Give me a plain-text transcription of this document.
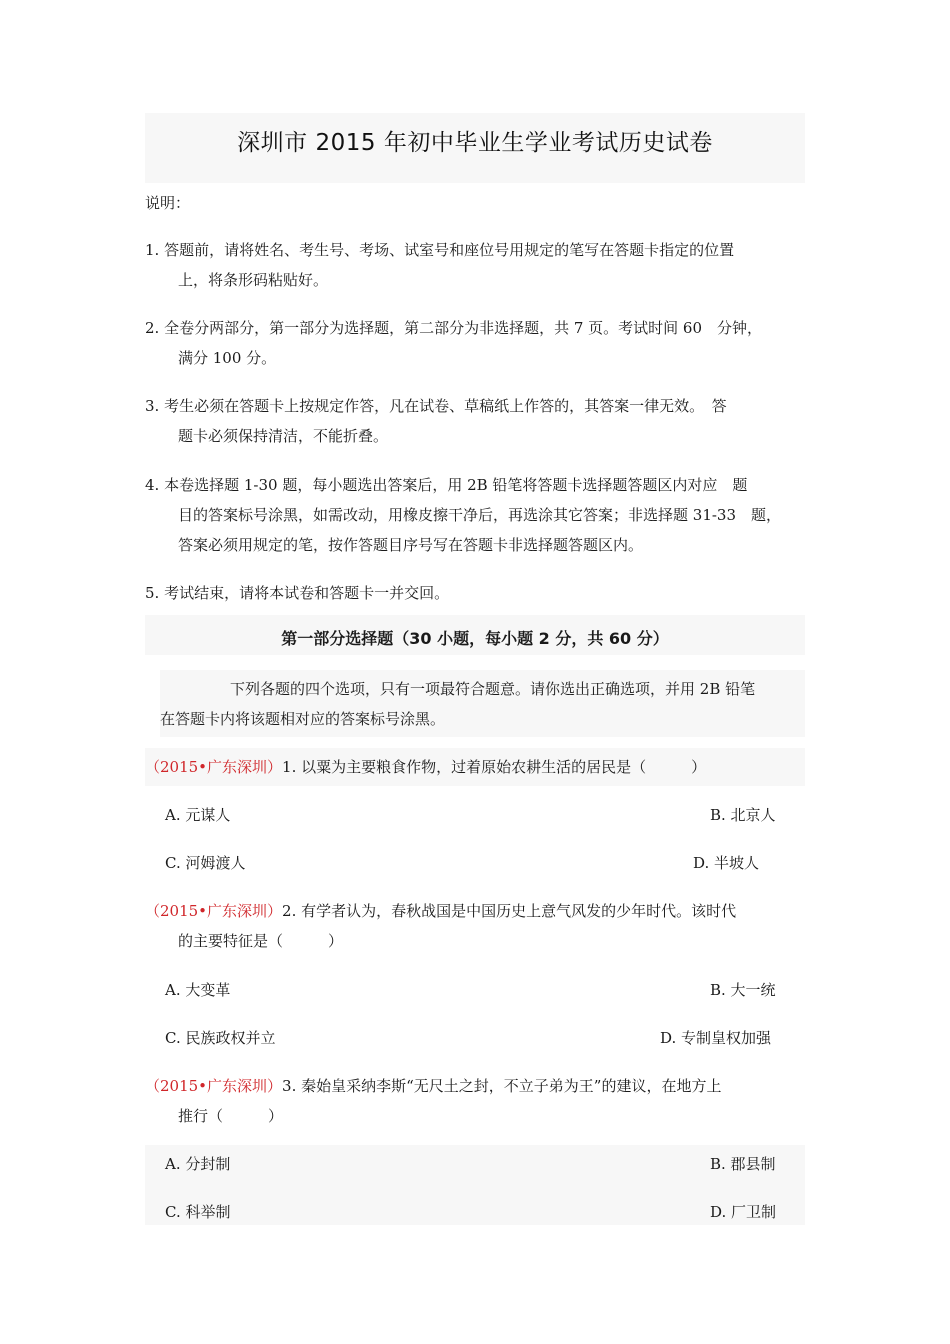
深圳市 2015 年初中毕业生学业考试历史试卷
说明：
1. 答题前，请将姓名、考生号、考场、试室号和座位号用规定的笔写在答题卡指定的位置
上，将条形码粘贴好。
2. 全卷分两部分，第一部分为选择题，第二部分为非选择题，共 7 页。考试时间 60　分钟，
满分 100 分。
3. 考生必须在答题卡上按规定作答，凡在试卷、草稿纸上作答的，其答案一律无效。　答
题卡必须保持清洁，不能折叠。
4. 本卷选择题 1-30 题，每小题选出答案后，用 2B 铅笔将答题卡选择题答题区内对应　题
目的答案标号涂黑，如需改动，用橡皮擦干净后，再选涂其它答案；非选择题 31-33　题，
答案必须用规定的笔，按作答题目序号写在答题卡非选择题答题区内。
5. 考试结束，请将本试卷和答题卡一并交回。
第一部分选择题（30 小题，每小题 2 分，共 60 分）
下列各题的四个选项，只有一项最符合题意。请你选出正确选项，并用 2B 铅笔
在答题卡内将该题相对应的答案标号涂黑。
（2015•广东深圳）1. 以粟为主要粮食作物，过着原始农耕生活的居民是（　　　）
A. 元谋人	B. 北京人
C. 河姆渡人	D. 半坡人
（2015•广东深圳）2. 有学者认为，春秋战国是中国历史上意气风发的少年时代。该时代
的主要特征是（　　　）
A. 大变革	B. 大一统
C. 民族政权并立	D. 专制皇权加强
（2015•广东深圳）3. 秦始皇采纳李斯“无尺土之封，不立子弟为王”的建议，在地方上
推行（　　　）
A. 分封制	B. 郡县制
C. 科举制	D. 厂卫制
